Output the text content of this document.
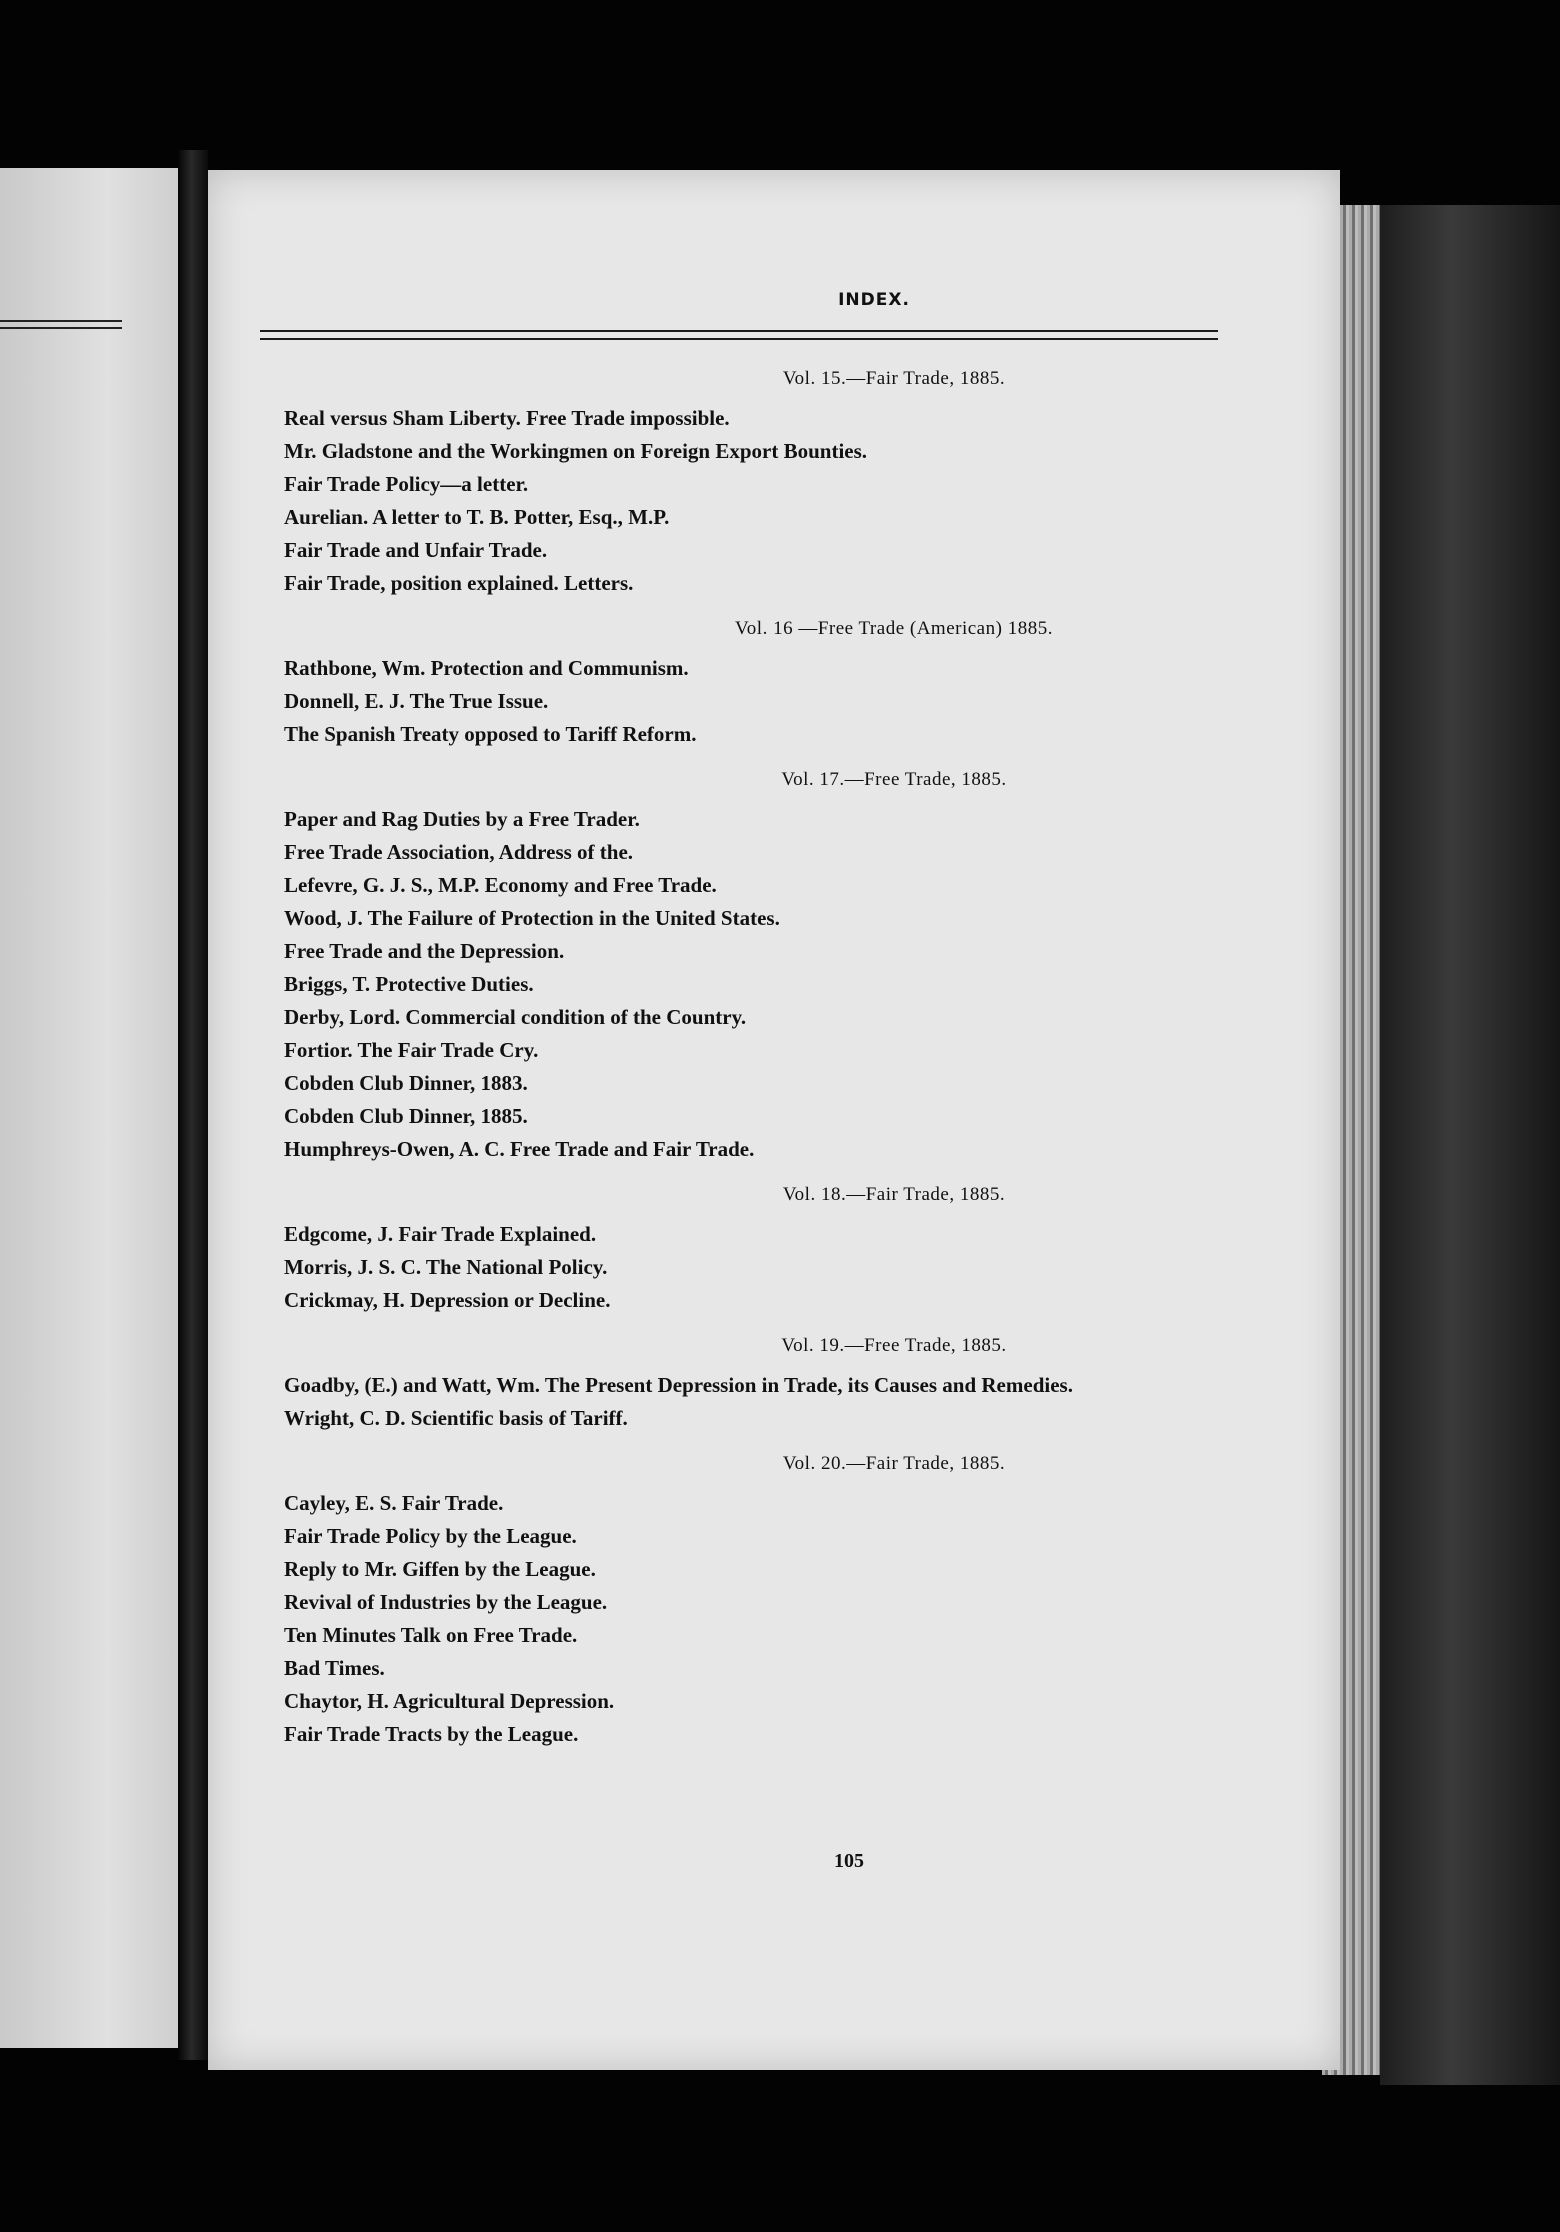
INDEX.
Vol. 15.—Fair Trade, 1885.
Real versus Sham Liberty. Free Trade impossible.
Mr. Gladstone and the Workingmen on Foreign Export Bounties.
Fair Trade Policy—a letter.
Aurelian. A letter to T. B. Potter, Esq., M.P.
Fair Trade and Unfair Trade.
Fair Trade, position explained. Letters.
Vol. 16 —Free Trade (American) 1885.
Rathbone, Wm. Protection and Communism.
Donnell, E. J. The True Issue.
The Spanish Treaty opposed to Tariff Reform.
Vol. 17.—Free Trade, 1885.
Paper and Rag Duties by a Free Trader.
Free Trade Association, Address of the.
Lefevre, G. J. S., M.P. Economy and Free Trade.
Wood, J. The Failure of Protection in the United States.
Free Trade and the Depression.
Briggs, T. Protective Duties.
Derby, Lord. Commercial condition of the Country.
Fortior. The Fair Trade Cry.
Cobden Club Dinner, 1883.
Cobden Club Dinner, 1885.
Humphreys-Owen, A. C. Free Trade and Fair Trade.
Vol. 18.—Fair Trade, 1885.
Edgcome, J. Fair Trade Explained.
Morris, J. S. C. The National Policy.
Crickmay, H. Depression or Decline.
Vol. 19.—Free Trade, 1885.
Goadby, (E.) and Watt, Wm. The Present Depression in Trade, its Causes and Remedies.
Wright, C. D. Scientific basis of Tariff.
Vol. 20.—Fair Trade, 1885.
Cayley, E. S. Fair Trade.
Fair Trade Policy by the League.
Reply to Mr. Giffen by the League.
Revival of Industries by the League.
Ten Minutes Talk on Free Trade.
Bad Times.
Chaytor, H. Agricultural Depression.
Fair Trade Tracts by the League.
105
